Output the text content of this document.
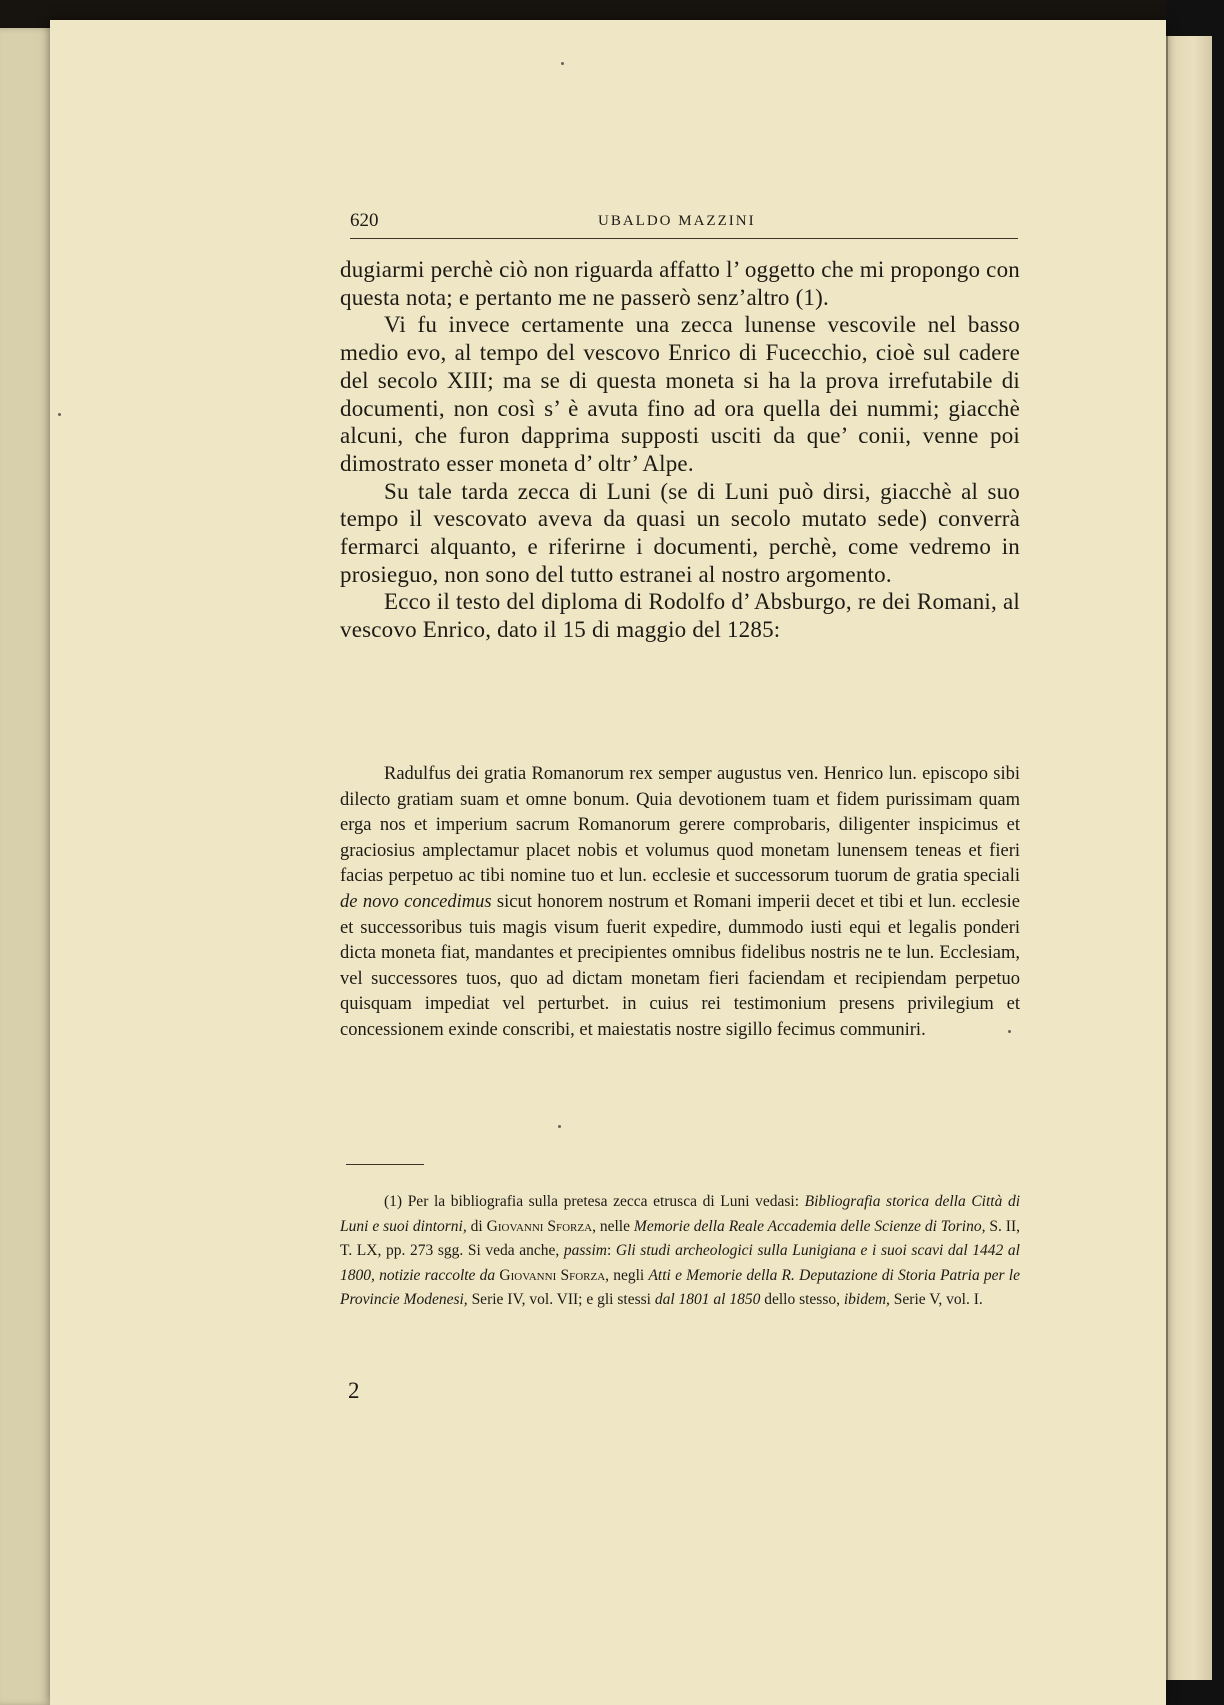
620	UBALDO MAZZINI

dugiarmi perchè ciò non riguarda affatto l’ oggetto che mi propongo con questa nota; e pertanto me ne passerò senz’altro (1).

Vi fu invece certamente una zecca lunense vescovile nel basso medio evo, al tempo del vescovo Enrico di Fucecchio, cioè sul cadere del secolo XIII; ma se di questa moneta si ha la prova irrefutabile di documenti, non così s’ è avuta fino ad ora quella dei nummi; giacchè alcuni, che furon dapprima supposti usciti da que’ conii, venne poi dimostrato esser moneta d’ oltr’ Alpe.

Su tale tarda zecca di Luni (se di Luni può dirsi, giacchè al suo tempo il vescovato aveva da quasi un secolo mutato sede) converrà fermarci alquanto, e riferirne i documenti, perchè, come vedremo in prosieguo, non sono del tutto estranei al nostro argomento.

Ecco il testo del diploma di Rodolfo d’ Absburgo, re dei Romani, al vescovo Enrico, dato il 15 di maggio del 1285:

Radulfus dei gratia Romanorum rex semper augustus ven. Henrico lun. episcopo sibi dilecto gratiam suam et omne bonum. Quia devotionem tuam et fidem purissimam quam erga nos et imperium sacrum Romanorum gerere comprobaris, diligenter inspicimus et graciosius amplectamur placet nobis et volumus quod monetam lunensem teneas et fieri facias perpetuo ac tibi nomine tuo et lun. ecclesie et successorum tuorum de gratia speciali de novo concedimus sicut honorem nostrum et Romani imperii decet et tibi et lun. ecclesie et successoribus tuis magis visum fuerit expedire, dummodo iusti equi et legalis ponderi dicta moneta fiat, mandantes et precipientes omnibus fidelibus nostris ne te lun. Ecclesiam, vel successores tuos, quo ad dictam monetam fieri faciendam et recipiendam perpetuo quisquam impediat vel perturbet. in cuius rei testimonium presens privilegium et concessionem exinde conscribi, et maiestatis nostre sigillo fecimus communiri.

(1) Per la bibliografia sulla pretesa zecca etrusca di Luni vedasi: Bibliografia storica della Città di Luni e suoi dintorni, di Giovanni Sforza, nelle Memorie della Reale Accademia delle Scienze di Torino, S. II, T. LX, pp. 273 sgg. Si veda anche, passim: Gli studi archeologici sulla Lunigiana e i suoi scavi dal 1442 al 1800, notizie raccolte da Giovanni Sforza, negli Atti e Memorie della R. Deputazione di Storia Patria per le Provincie Modenesi, Serie IV, vol. VII; e gli stessi dal 1801 al 1850 dello stesso, ibidem, Serie V, vol. I.

2
